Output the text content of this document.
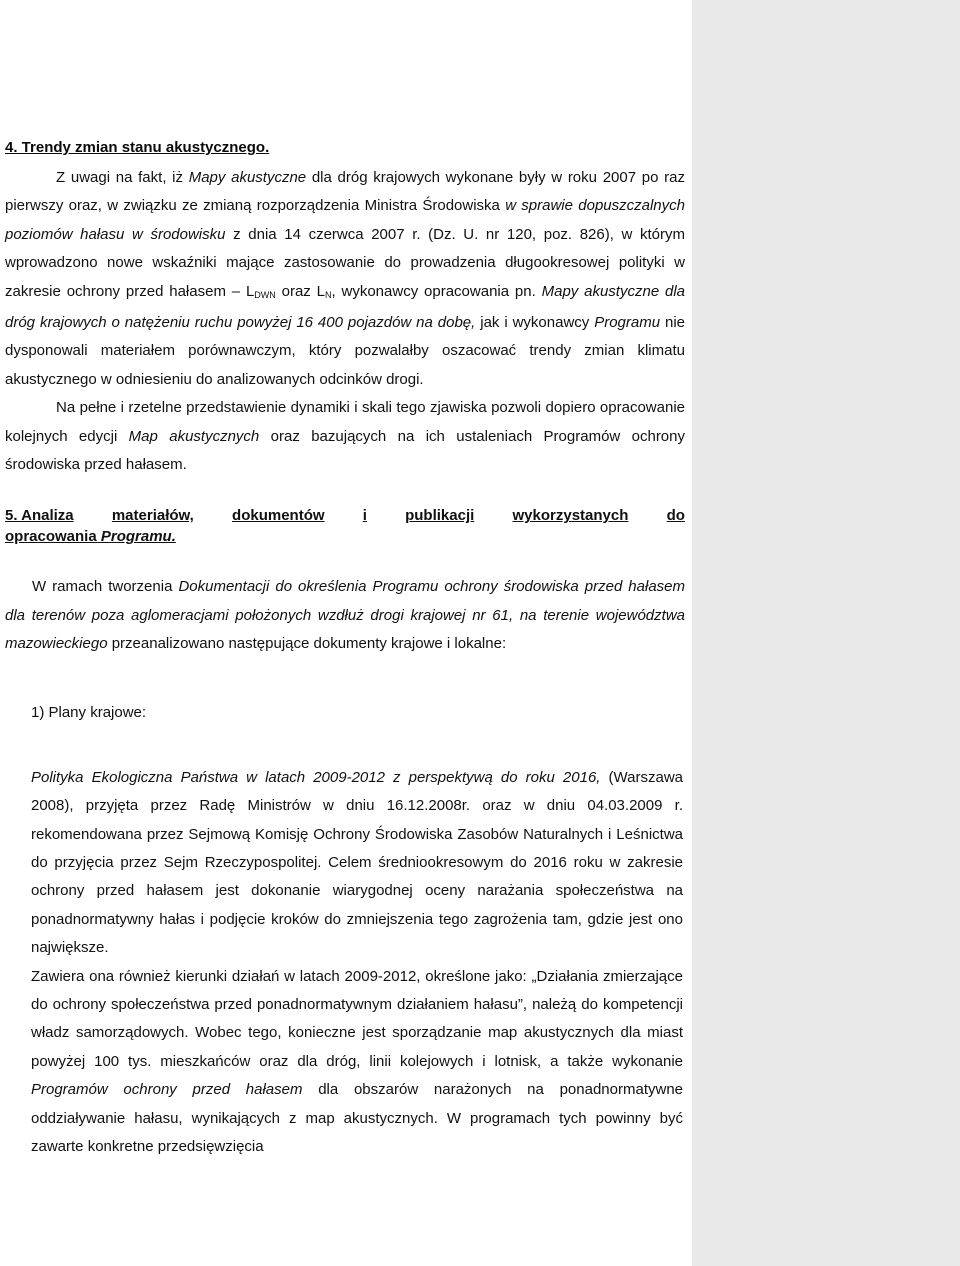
4. Trendy zmian stanu akustycznego.

Z uwagi na fakt, iż Mapy akustyczne dla dróg krajowych wykonane były w roku 2007 po raz pierwszy oraz, w związku ze zmianą rozporządzenia Ministra Środowiska w sprawie dopuszczalnych poziomów hałasu w środowisku z dnia 14 czerwca 2007 r. (Dz. U. nr 120, poz. 826), w którym wprowadzono nowe wskaźniki mające zastosowanie do prowadzenia długookresowej polityki w zakresie ochrony przed hałasem – $L_{DWN}$ oraz $L_N$, wykonawcy opracowania pn. Mapy akustyczne dla dróg krajowych o natężeniu ruchu powyżej 16 400 pojazdów na dobę, jak i wykonawcy Programu nie dysponowali materiałem porównawczym, który pozwalałby oszacować trendy zmian klimatu akustycznego w odniesieniu do analizowanych odcinków drogi.

Na pełne i rzetelne przedstawienie dynamiki i skali tego zjawiska pozwoli dopiero opracowanie kolejnych edycji Map akustycznych oraz bazujących na ich ustaleniach Programów ochrony środowiska przed hałasem.

5. Analiza	materiałów,	dokumentów	i	publikacji	wykorzystanych	do
opracowania Programu.

W ramach tworzenia Dokumentacji do określenia Programu ochrony środowiska przed hałasem dla terenów poza aglomeracjami położonych wzdłuż drogi krajowej nr 61, na terenie województwa mazowieckiego przeanalizowano następujące dokumenty krajowe i lokalne:

1) Plany krajowe:

Polityka Ekologiczna Państwa w latach 2009-2012 z perspektywą do roku 2016, (Warszawa 2008), przyjęta przez Radę Ministrów w dniu 16.12.2008r. oraz w dniu 04.03.2009 r. rekomendowana przez Sejmową Komisję Ochrony Środowiska Zasobów Naturalnych i Leśnictwa do przyjęcia przez Sejm Rzeczypospolitej. Celem średniookresowym do 2016 roku w zakresie ochrony przed hałasem jest dokonanie wiarygodnej oceny narażania społeczeństwa na ponadnormatywny hałas i podjęcie kroków do zmniejszenia tego zagrożenia tam, gdzie jest ono największe.

Zawiera ona również kierunki działań w latach 2009-2012, określone jako: „Działania zmierzające do ochrony społeczeństwa przed ponadnormatywnym działaniem hałasu”, należą do kompetencji władz samorządowych. Wobec tego, konieczne jest sporządzanie map akustycznych dla miast powyżej 100 tys. mieszkańców oraz dla dróg, linii kolejowych i lotnisk, a także wykonanie Programów ochrony przed hałasem dla obszarów narażonych na ponadnormatywne oddziaływanie hałasu, wynikających z map akustycznych. W programach tych powinny być zawarte konkretne przedsięwzięcia
